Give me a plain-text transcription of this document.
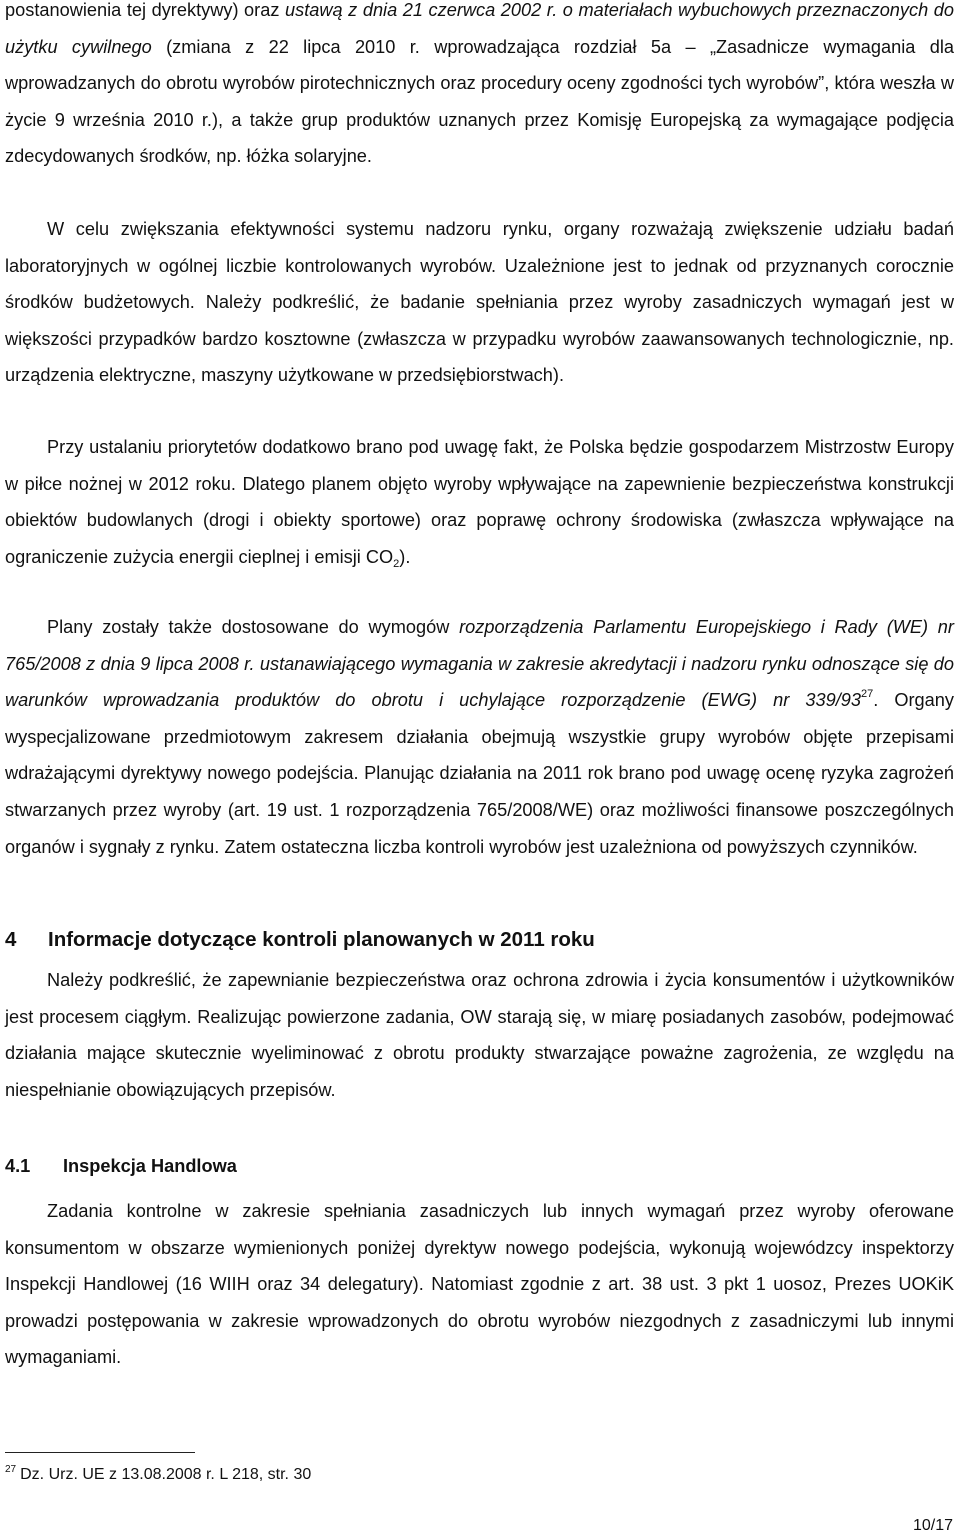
postanowienia tej dyrektywy) oraz ustawą z dnia 21 czerwca 2002 r. o materiałach wybuchowych przeznaczonych do użytku cywilnego (zmiana z 22 lipca 2010 r. wprowadzająca rozdział 5a – „Zasadnicze wymagania dla wprowadzanych do obrotu wyrobów pirotechnicznych oraz procedury oceny zgodności tych wyrobów”, która weszła w życie 9 września 2010 r.), a także grup produktów uznanych przez Komisję Europejską za wymagające podjęcia zdecydowanych środków, np. łóżka solaryjne.

W celu zwiększania efektywności systemu nadzoru rynku, organy rozważają zwiększenie udziału badań laboratoryjnych w ogólnej liczbie kontrolowanych wyrobów. Uzależnione jest to jednak od przyznanych corocznie środków budżetowych. Należy podkreślić, że badanie spełniania przez wyroby zasadniczych wymagań jest w większości przypadków bardzo kosztowne (zwłaszcza w przypadku wyrobów zaawansowanych technologicznie, np. urządzenia elektryczne, maszyny użytkowane w przedsiębiorstwach).

Przy ustalaniu priorytetów dodatkowo brano pod uwagę fakt, że Polska będzie gospodarzem Mistrzostw Europy w piłce nożnej w 2012 roku. Dlatego planem objęto wyroby wpływające na zapewnienie bezpieczeństwa konstrukcji obiektów budowlanych (drogi i obiekty sportowe) oraz poprawę ochrony środowiska (zwłaszcza wpływające na ograniczenie zużycia energii cieplnej i emisji $CO_2$).

Plany zostały także dostosowane do wymogów rozporządzenia Parlamentu Europejskiego i Rady (WE) nr 765/2008 z dnia 9 lipca 2008 r. ustanawiającego wymagania w zakresie akredytacji i nadzoru rynku odnoszące się do warunków wprowadzania produktów do obrotu i uchylające rozporządzenie (EWG) nr $339/93^{27}$. Organy wyspecjalizowane przedmiotowym zakresem działania obejmują wszystkie grupy wyrobów objęte przepisami wdrażającymi dyrektywy nowego podejścia. Planując działania na 2011 rok brano pod uwagę ocenę ryzyka zagrożeń stwarzanych przez wyroby (art. 19 ust. 1 rozporządzenia 765/2008/WE) oraz możliwości finansowe poszczególnych organów i sygnały z rynku. Zatem ostateczna liczba kontroli wyrobów jest uzależniona od powyższych czynników.

4 Informacje dotyczące kontroli planowanych w 2011 roku

Należy podkreślić, że zapewnianie bezpieczeństwa oraz ochrona zdrowia i życia konsumentów i użytkowników jest procesem ciągłym. Realizując powierzone zadania, OW starają się, w miarę posiadanych zasobów, podejmować działania mające skutecznie wyeliminować z obrotu produkty stwarzające poważne zagrożenia, ze względu na niespełnianie obowiązujących przepisów.

4.1 Inspekcja Handlowa

Zadania kontrolne w zakresie spełniania zasadniczych lub innych wymagań przez wyroby oferowane konsumentom w obszarze wymienionych poniżej dyrektyw nowego podejścia, wykonują wojewódzcy inspektorzy Inspekcji Handlowej (16 WIIH oraz 34 delegatury). Natomiast zgodnie z art. 38 ust. 3 pkt 1 uosoz, Prezes UOKiK prowadzi postępowania w zakresie wprowadzonych do obrotu wyrobów niezgodnych z zasadniczymi lub innymi wymaganiami.

$^{27}$ Dz. Urz. UE z 13.08.2008 r. L 218, str. 30

10/17
